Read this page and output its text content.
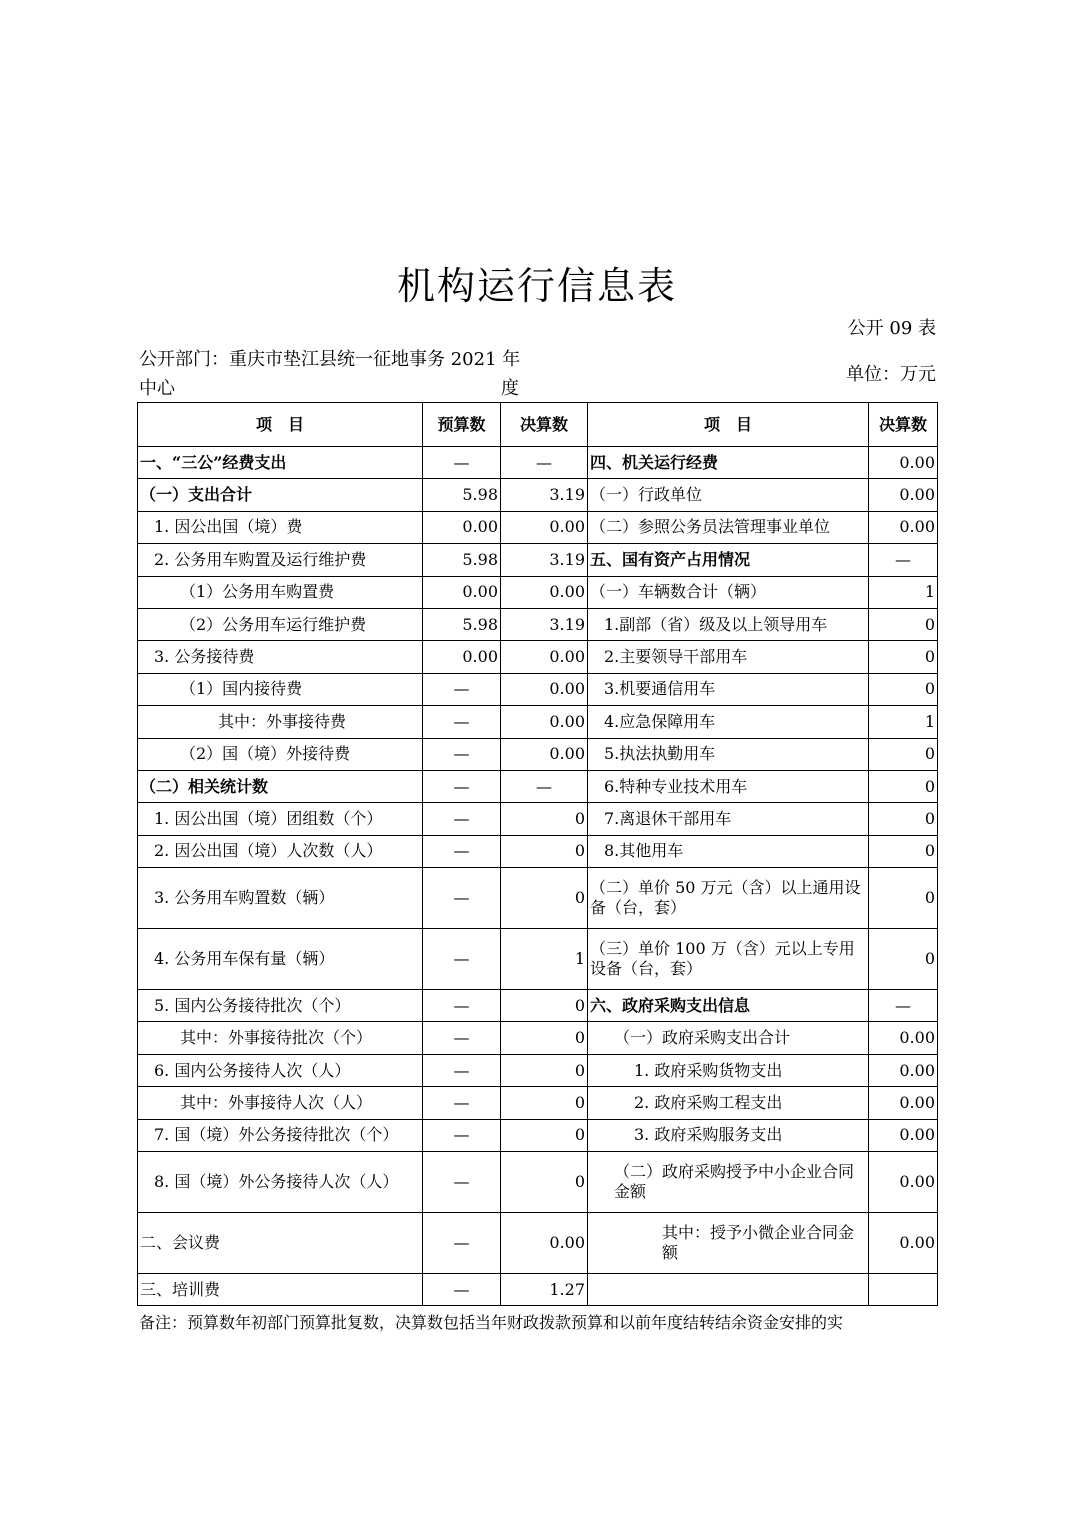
机构运行信息表
公开 09 表
公开部门：重庆市垫江县统一征地事务 2021 年
中心	度
单位：万元
项　目	预算数	决算数	项　目	决算数
一、“三公”经费支出	—	—	四、机关运行经费	0.00
（一）支出合计	5.98	3.19	（一）行政单位	0.00
1. 因公出国（境）费	0.00	0.00	（二）参照公务员法管理事业单位	0.00
2. 公务用车购置及运行维护费	5.98	3.19	五、国有资产占用情况	—
（1）公务用车购置费	0.00	0.00	（一）车辆数合计（辆）	1
（2）公务用车运行维护费	5.98	3.19	1.副部（省）级及以上领导用车	0
3. 公务接待费	0.00	0.00	2.主要领导干部用车	0
（1）国内接待费	—	0.00	3.机要通信用车	0
其中：外事接待费	—	0.00	4.应急保障用车	1
（2）国（境）外接待费	—	0.00	5.执法执勤用车	0
（二）相关统计数	—	—	6.特种专业技术用车	0
1. 因公出国（境）团组数（个）	—	0	7.离退休干部用车	0
2. 因公出国（境）人次数（人）	—	0	8.其他用车	0
3. 公务用车购置数（辆）	—	0	（二）单价 50 万元（含）以上通用设备（台，套）	0
4. 公务用车保有量（辆）	—	1	（三）单价 100 万（含）元以上专用设备（台，套）	0
5. 国内公务接待批次（个）	—	0	六、政府采购支出信息	—
其中：外事接待批次（个）	—	0	（一）政府采购支出合计	0.00
6. 国内公务接待人次（人）	—	0	1. 政府采购货物支出	0.00
其中：外事接待人次（人）	—	0	2. 政府采购工程支出	0.00
7. 国（境）外公务接待批次（个）	—	0	3. 政府采购服务支出	0.00
8. 国（境）外公务接待人次（人）	—	0	（二）政府采购授予中小企业合同金额	0.00
二、会议费	—	0.00	其中：授予小微企业合同金额	0.00
三、培训费	—	1.27		
备注：预算数年初部门预算批复数，决算数包括当年财政拨款预算和以前年度结转结余资金安排的实
